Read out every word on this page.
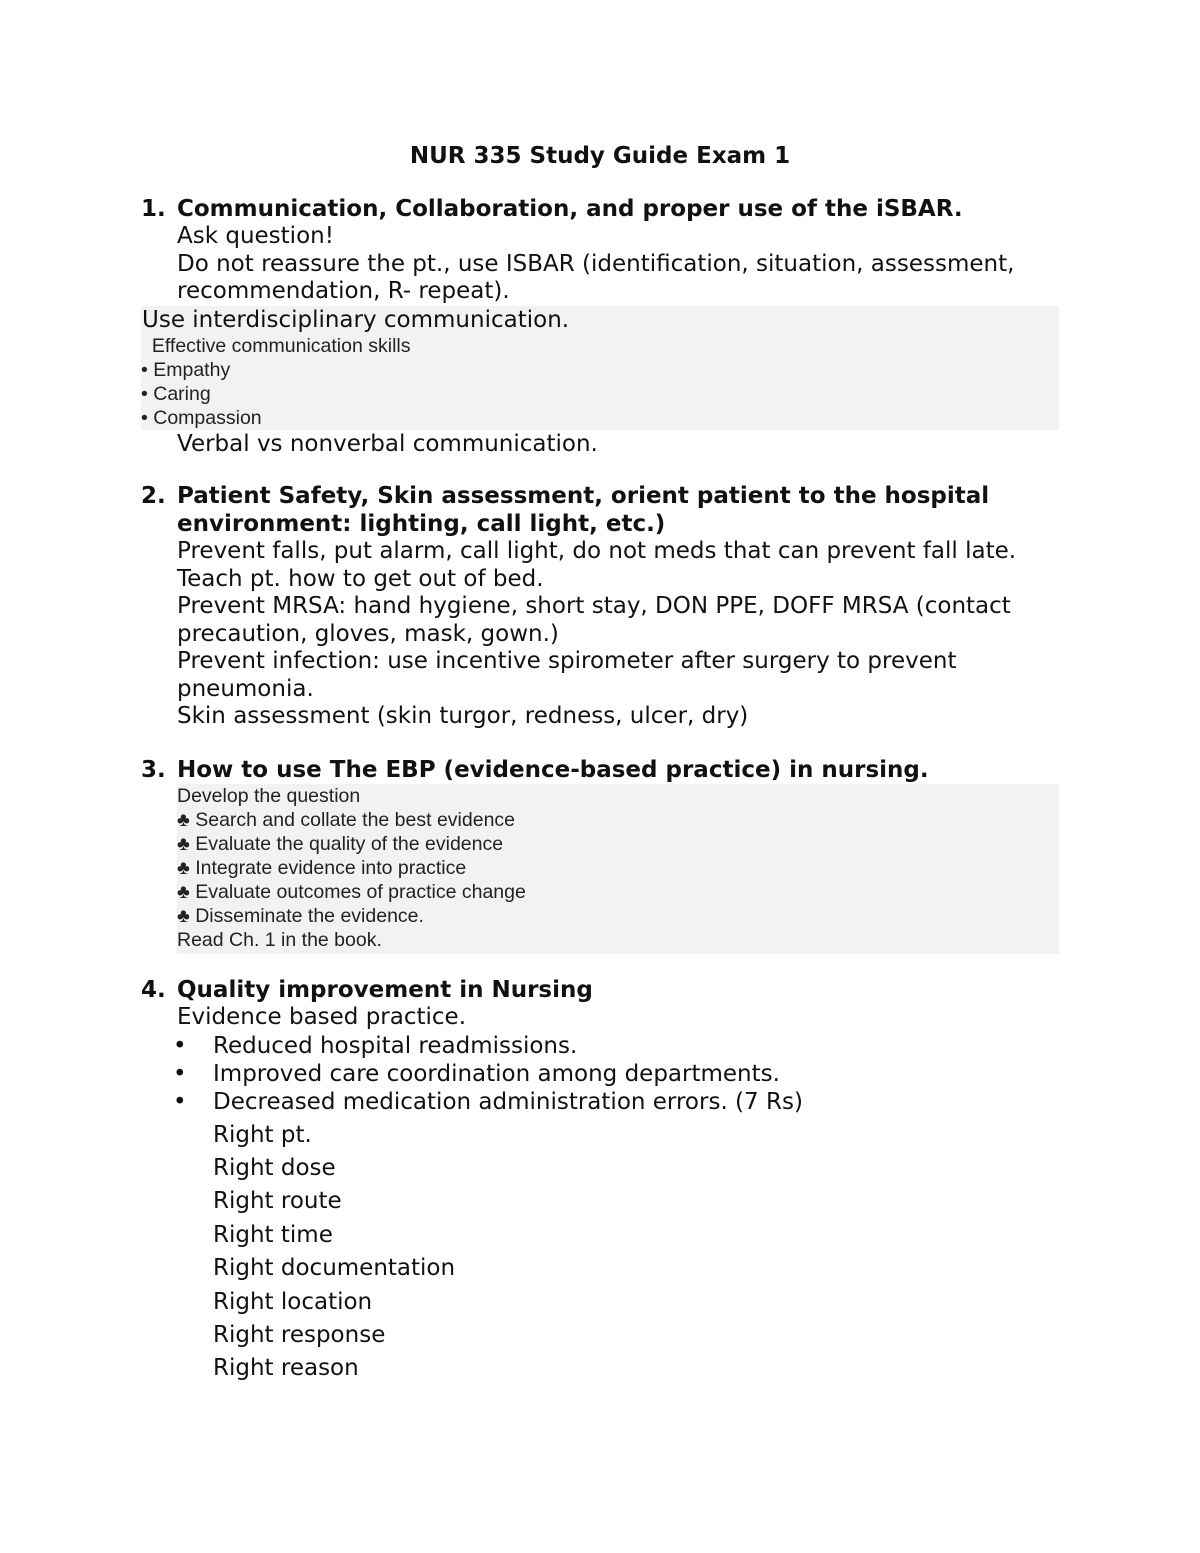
NUR 335 Study Guide Exam 1
1. Communication, Collaboration, and proper use of the iSBAR.
Ask question!
Do not reassure the pt., use ISBAR (identification, situation, assessment,
recommendation, R- repeat).
Use interdisciplinary communication.
Effective communication skills
• Empathy
• Caring
• Compassion
Verbal vs nonverbal communication.
2. Patient Safety, Skin assessment, orient patient to the hospital
environment: lighting, call light, etc.)
Prevent falls, put alarm, call light, do not meds that can prevent fall late.
Teach pt. how to get out of bed.
Prevent MRSA: hand hygiene, short stay, DON PPE, DOFF MRSA (contact
precaution, gloves, mask, gown.)
Prevent infection: use incentive spirometer after surgery to prevent
pneumonia.
Skin assessment (skin turgor, redness, ulcer, dry)
3. How to use The EBP (evidence-based practice) in nursing.
Develop the question
♣ Search and collate the best evidence
♣ Evaluate the quality of the evidence
♣ Integrate evidence into practice
♣ Evaluate outcomes of practice change
♣ Disseminate the evidence.
Read Ch. 1 in the book.
4. Quality improvement in Nursing
Evidence based practice.
• Reduced hospital readmissions.
• Improved care coordination among departments.
• Decreased medication administration errors. (7 Rs)
Right pt.
Right dose
Right route
Right time
Right documentation
Right location
Right response
Right reason
